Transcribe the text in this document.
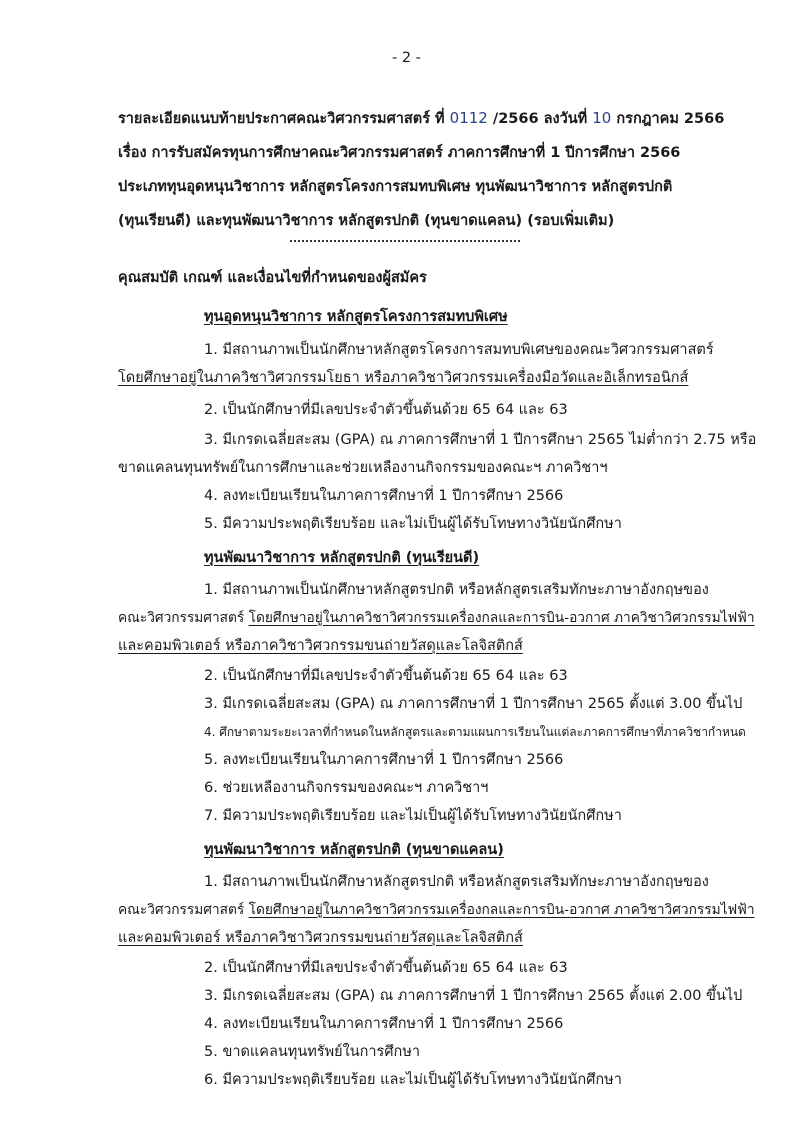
- 2 -
รายละเอียดแนบท้ายประกาศคณะวิศวกรรมศาสตร์ ที่ 0112 /2566 ลงวันที่ 10 กรกฎาคม 2566
เรื่อง การรับสมัครทุนการศึกษาคณะวิศวกรรมศาสตร์ ภาคการศึกษาที่ 1 ปีการศึกษา 2566
ประเภททุนอุดหนุนวิชาการ หลักสูตรโครงการสมทบพิเศษ ทุนพัฒนาวิชาการ หลักสูตรปกติ
(ทุนเรียนดี) และทุนพัฒนาวิชาการ หลักสูตรปกติ (ทุนขาดแคลน) (รอบเพิ่มเติม)
คุณสมบัติ เกณฑ์ และเงื่อนไขที่กำหนดของผู้สมัคร
ทุนอุดหนุนวิชาการ หลักสูตรโครงการสมทบพิเศษ
1. มีสถานภาพเป็นนักศึกษาหลักสูตรโครงการสมทบพิเศษของคณะวิศวกรรมศาสตร์
โดยศึกษาอยู่ในภาควิชาวิศวกรรมโยธา หรือภาควิชาวิศวกรรมเครื่องมือวัดและอิเล็กทรอนิกส์
2. เป็นนักศึกษาที่มีเลขประจำตัวขึ้นต้นด้วย 65 64 และ 63
3. มีเกรดเฉลี่ยสะสม (GPA) ณ ภาคการศึกษาที่ 1 ปีการศึกษา 2565 ไม่ต่ำกว่า 2.75 หรือ
ขาดแคลนทุนทรัพย์ในการศึกษาและช่วยเหลืองานกิจกรรมของคณะฯ ภาควิชาฯ
4. ลงทะเบียนเรียนในภาคการศึกษาที่ 1 ปีการศึกษา 2566
5. มีความประพฤติเรียบร้อย และไม่เป็นผู้ได้รับโทษทางวินัยนักศึกษา
ทุนพัฒนาวิชาการ หลักสูตรปกติ (ทุนเรียนดี)
1. มีสถานภาพเป็นนักศึกษาหลักสูตรปกติ หรือหลักสูตรเสริมทักษะภาษาอังกฤษของ
คณะวิศวกรรมศาสตร์ โดยศึกษาอยู่ในภาควิชาวิศวกรรมเครื่องกลและการบิน-อวกาศ ภาควิชาวิศวกรรมไฟฟ้า
และคอมพิวเตอร์ หรือภาควิชาวิศวกรรมขนถ่ายวัสดุและโลจิสติกส์
2. เป็นนักศึกษาที่มีเลขประจำตัวขึ้นต้นด้วย 65 64 และ 63
3. มีเกรดเฉลี่ยสะสม (GPA) ณ ภาคการศึกษาที่ 1 ปีการศึกษา 2565 ตั้งแต่ 3.00 ขึ้นไป
4. ศึกษาตามระยะเวลาที่กำหนดในหลักสูตรและตามแผนการเรียนในแต่ละภาคการศึกษาที่ภาควิชากำหนด
5. ลงทะเบียนเรียนในภาคการศึกษาที่ 1 ปีการศึกษา 2566
6. ช่วยเหลืองานกิจกรรมของคณะฯ ภาควิชาฯ
7. มีความประพฤติเรียบร้อย และไม่เป็นผู้ได้รับโทษทางวินัยนักศึกษา
ทุนพัฒนาวิชาการ หลักสูตรปกติ (ทุนขาดแคลน)
1. มีสถานภาพเป็นนักศึกษาหลักสูตรปกติ หรือหลักสูตรเสริมทักษะภาษาอังกฤษของ
คณะวิศวกรรมศาสตร์ โดยศึกษาอยู่ในภาควิชาวิศวกรรมเครื่องกลและการบิน-อวกาศ ภาควิชาวิศวกรรมไฟฟ้า
และคอมพิวเตอร์ หรือภาควิชาวิศวกรรมขนถ่ายวัสดุและโลจิสติกส์
2. เป็นนักศึกษาที่มีเลขประจำตัวขึ้นต้นด้วย 65 64 และ 63
3. มีเกรดเฉลี่ยสะสม (GPA) ณ ภาคการศึกษาที่ 1 ปีการศึกษา 2565 ตั้งแต่ 2.00 ขึ้นไป
4. ลงทะเบียนเรียนในภาคการศึกษาที่ 1 ปีการศึกษา 2566
5. ขาดแคลนทุนทรัพย์ในการศึกษา
6. มีความประพฤติเรียบร้อย และไม่เป็นผู้ได้รับโทษทางวินัยนักศึกษา
